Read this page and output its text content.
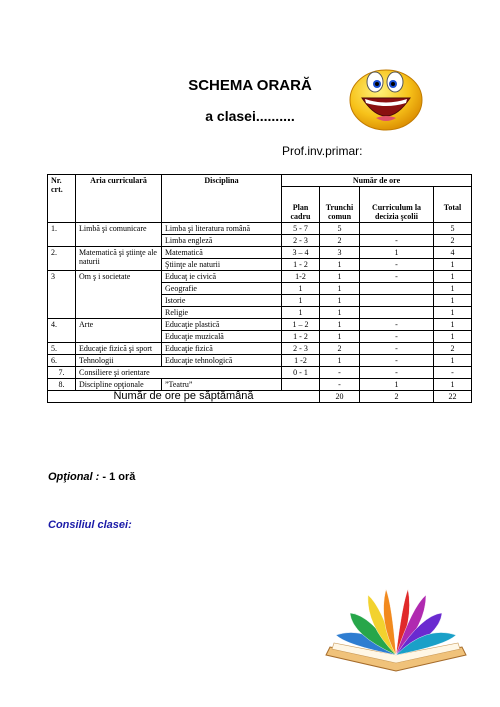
SCHEMA ORARĂ
a clasei..........
Prof.inv.primar:
Nr. crt.	Aria curriculară	Disciplina	Număr de ore			
			Plan cadru	Trunchi comun	Curriculum la decizia şcolii	Total
1.	Limbă şi comunicare	Limba şi literatura română	5 - 7	5		5
		Limba engleză	2 - 3	2	-	2
2.	Matematică şi ştiinţe ale naturii	Matematică	3 – 4	3	1	4
		Ştiinţe ale naturii	1 - 2	1	-	1
3	Om ş i societate	Educaţ ie civică	1-2	1	-	1
		Geografie	1	1		1
		Istorie	1	1		1
		Religie	1	1		1
4.	Arte	Educaţie plastică	1 – 2	1	-	1
		Educaţie muzicală	1 - 2	1	-	1
5.	Educaţie fizică şi sport	Educaţie fizică	2 - 3	2	-	2
6.	Tehnologii	Educaţie tehnologică	1 -2	1	-	1
7.	Consiliere şi orientare		0 - 1	-	-	-
8.	Discipline opţionale	”Teatru”		-	1	1
Număr de ore pe săptămână				20	2	22
Opţional : - 1 oră
Consiliul clasei:
